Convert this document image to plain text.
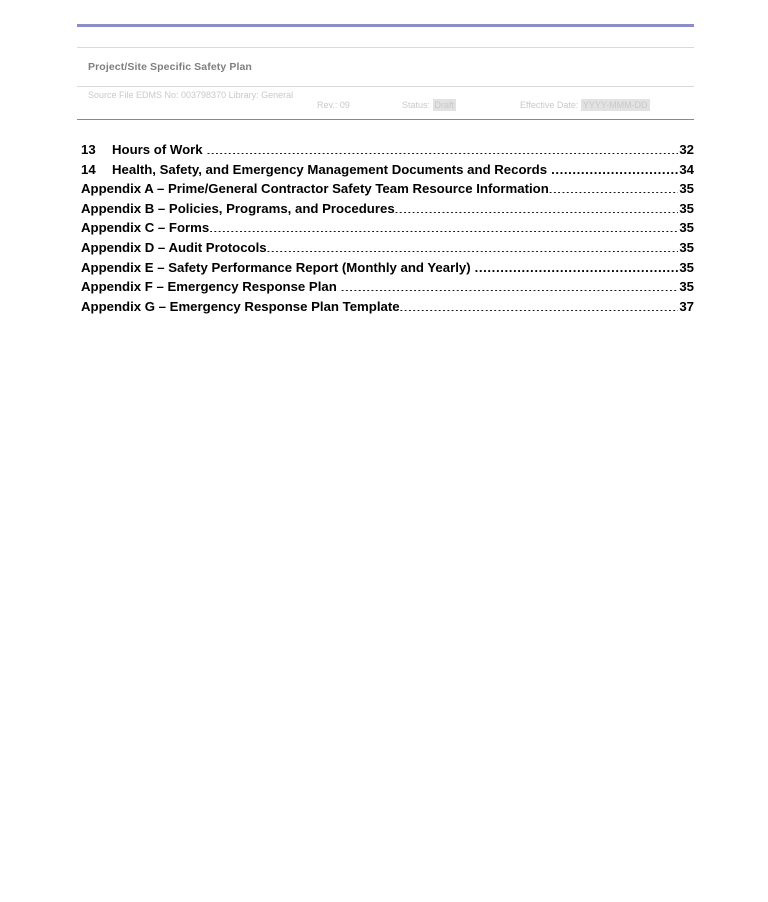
Project/Site Specific Safety Plan
Source File EDMS No: 003798370 Library: General
Rev.: 09	Status: Draft	Effective Date: YYYY-MMM-DD
13	Hours of Work .....	32
14	Health, Safety, and Emergency Management Documents and Records .....	34
Appendix A – Prime/General Contractor Safety Team Resource Information .....	35
Appendix B – Policies, Programs, and Procedures .....	35
Appendix C – Forms .....	35
Appendix D – Audit Protocols .....	35
Appendix E – Safety Performance Report (Monthly and Yearly) .....	35
Appendix F – Emergency Response Plan .....	35
Appendix G – Emergency Response Plan Template .....	37
